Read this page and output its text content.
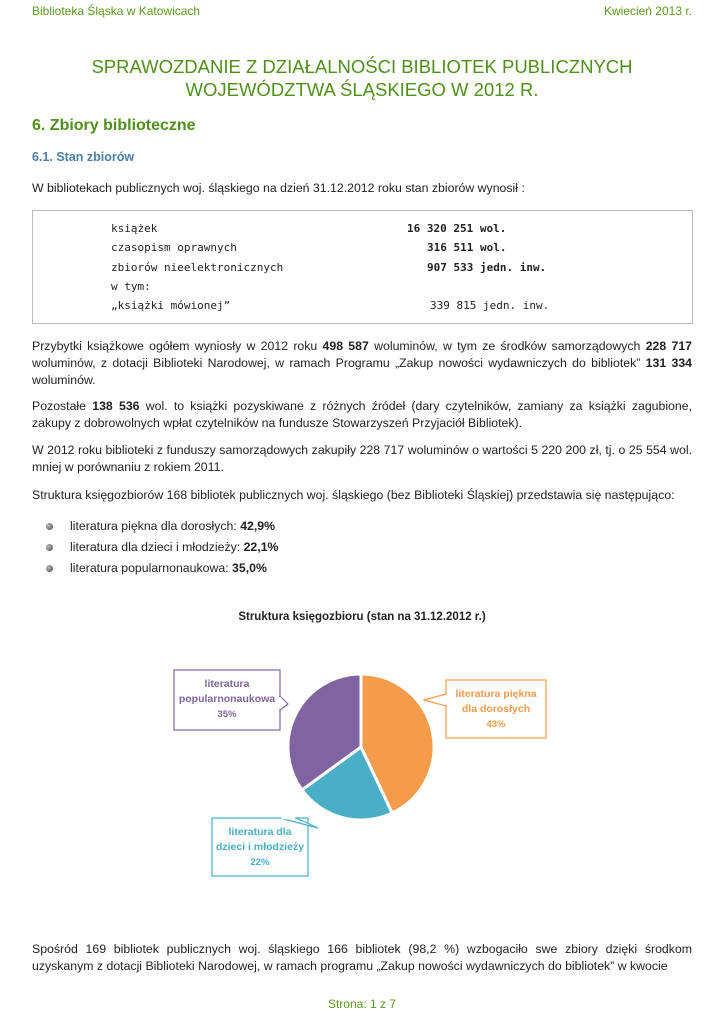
Biblioteka Śląska w Katowicach	Kwiecień 2013 r.
SPRAWOZDANIE Z DZIAŁALNOŚCI BIBLIOTEK PUBLICZNYCH
WOJEWÓDZTWA ŚLĄSKIEGO W 2012 R.
6. Zbiory biblioteczne
6.1. Stan zbiorów
W bibliotekach publicznych woj. śląskiego na dzień 31.12.2012 roku stan zbiorów wynosił :
książek	16 320 251 wol.
czasopism oprawnych	316 511 wol.
zbiorów nieelektronicznych	907 533 jedn. inw.
w tym:
„książki mówionej”	339 815 jedn. inw.
Przybytki książkowe ogółem wyniosły w 2012 roku 498 587 woluminów, w tym ze środków samorządowych 228 717 woluminów, z dotacji Biblioteki Narodowej, w ramach Programu „Zakup nowości wydawniczych do bibliotek” 131 334 woluminów.
Pozostałe 138 536 wol. to książki pozyskiwane z różnych źródeł (dary czytelników, zamiany za książki zagubione, zakupy z dobrowolnych wpłat czytelników na fundusze Stowarzyszeń Przyjaciół Bibliotek).
W 2012 roku biblioteki z funduszy samorządowych zakupiły 228 717 woluminów o wartości 5 220 200 zł, tj. o 25 554 wol. mniej w porównaniu z rokiem 2011.
Struktura księgozbiorów 168 bibliotek publicznych woj. śląskiego (bez Biblioteki Śląskiej) przedstawia się następująco:
literatura piękna dla dorosłych: 42,9%
literatura dla dzieci i młodzieży: 22,1%
literatura popularnonaukowa: 35,0%
Struktura księgozbioru (stan na 31.12.2012 r.)
literatura piękna
dla dorosłych
43%
literatura dla
dzieci i młodzieży
22%
literatura
popularnonaukowa
35%
Spośród 169 bibliotek publicznych woj. śląskiego 166 bibliotek (98,2 %) wzbogaciło swe zbiory dzięki środkom uzyskanym z dotacji Biblioteki Narodowej, w ramach programu „Zakup nowości wydawniczych do bibliotek” w kwocie
Strona: 1 z 7
